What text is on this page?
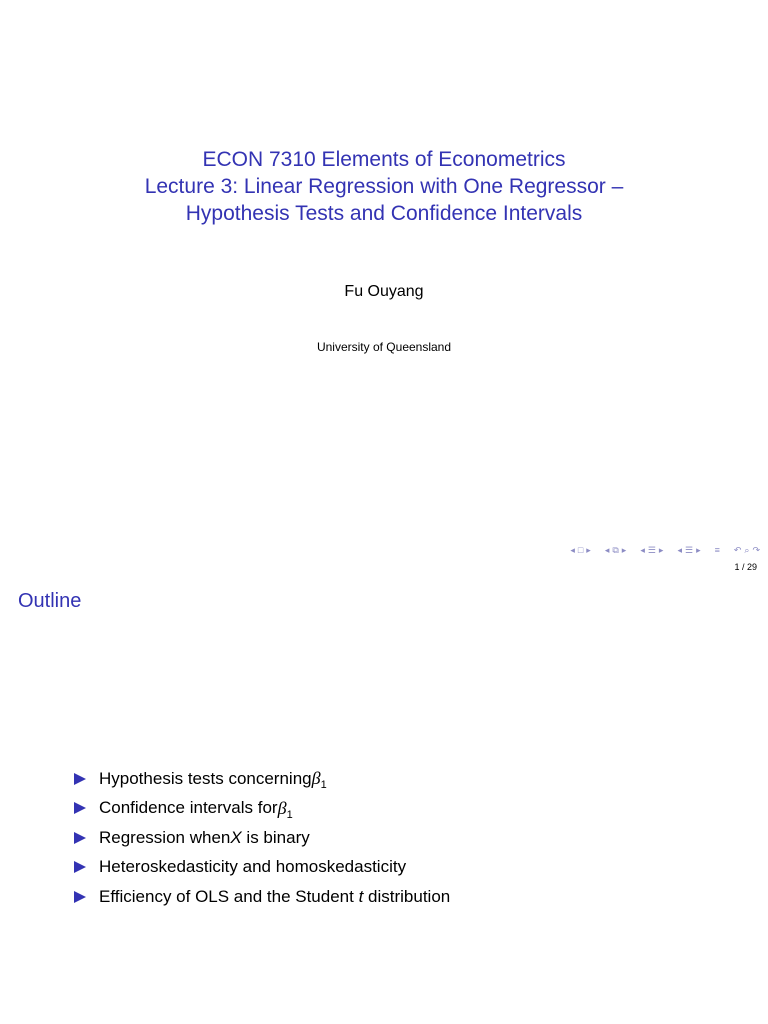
ECON 7310 Elements of Econometrics
Lecture 3: Linear Regression with One Regressor –
Hypothesis Tests and Confidence Intervals
Fu Ouyang
University of Queensland
◂ □ ▸ ◂ ⧉ ▸ ◂ ☰ ▸ ◂ ☰ ▸ ≡ ↶ ⌕ ↷
1 / 29
Outline
Hypothesis tests concerning $\beta_1$
Confidence intervals for $\beta_1$
Regression when X is binary
Heteroskedasticity and homoskedasticity
Efficiency of OLS and the Student t distribution
